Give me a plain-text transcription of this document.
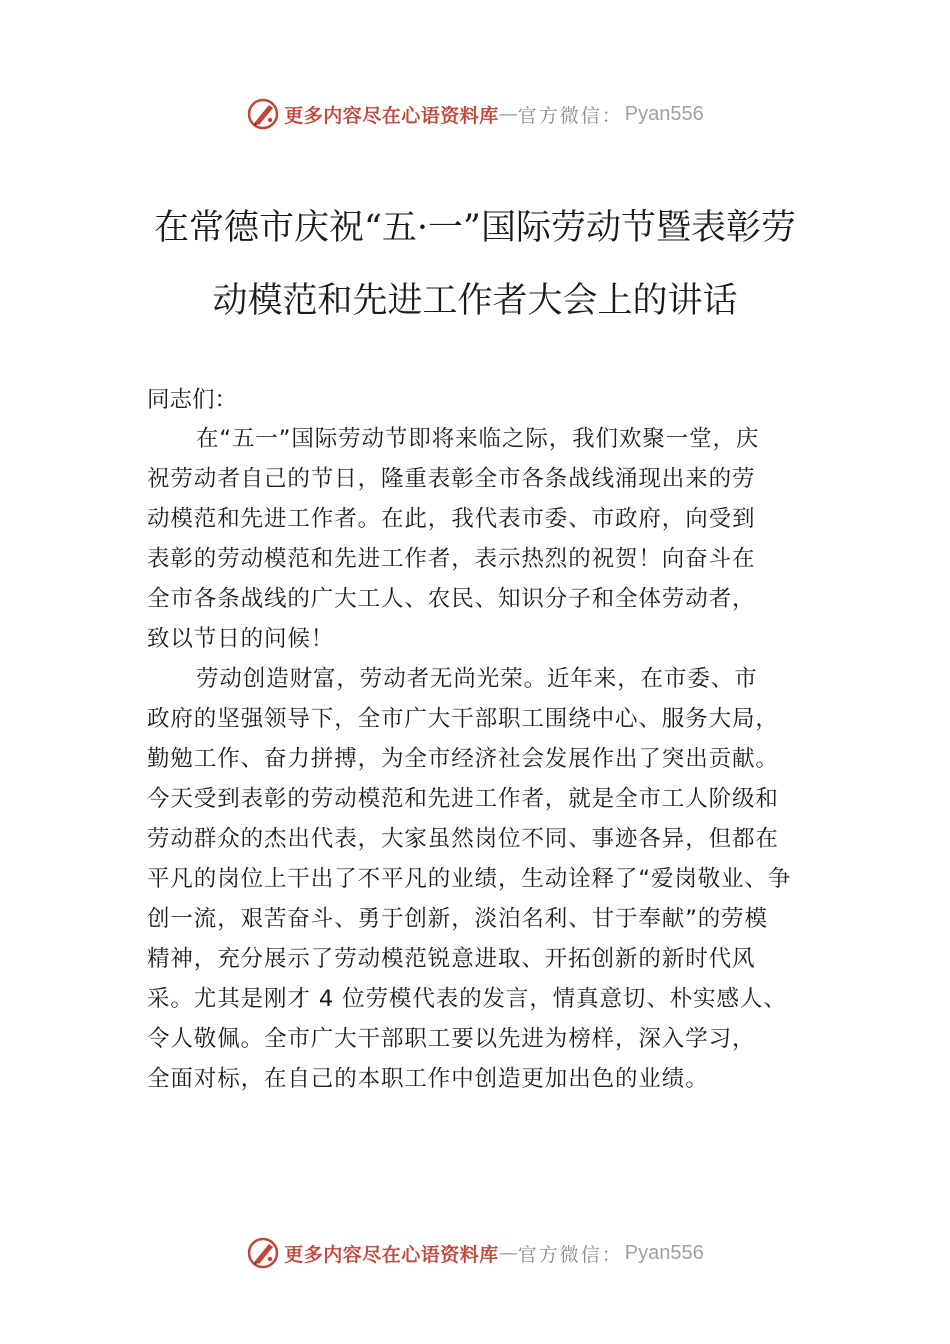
更多内容尽在心语资料库 — 官方微信： Pyan556
在常德市庆祝“五·一”国际劳动节暨表彰劳
动模范和先进工作者大会上的讲话
同志们：
在“五一”国际劳动节即将来临之际，我们欢聚一堂，庆
祝劳动者自己的节日，隆重表彰全市各条战线涌现出来的劳
动模范和先进工作者。在此，我代表市委、市政府，向受到
表彰的劳动模范和先进工作者，表示热烈的祝贺！向奋斗在
全市各条战线的广大工人、农民、知识分子和全体劳动者，
致以节日的问候！
劳动创造财富，劳动者无尚光荣。近年来，在市委、市
政府的坚强领导下，全市广大干部职工围绕中心、服务大局，
勤勉工作、奋力拼搏，为全市经济社会发展作出了突出贡献。
今天受到表彰的劳动模范和先进工作者，就是全市工人阶级和
劳动群众的杰出代表，大家虽然岗位不同、事迹各异，但都在
平凡的岗位上干出了不平凡的业绩，生动诠释了“爱岗敬业、争
创一流，艰苦奋斗、勇于创新，淡泊名利、甘于奉献”的劳模
精神，充分展示了劳动模范锐意进取、开拓创新的新时代风
采。尤其是刚才 4 位劳模代表的发言，情真意切、朴实感人、
令人敬佩。全市广大干部职工要以先进为榜样，深入学习，
全面对标，在自己的本职工作中创造更加出色的业绩。
更多内容尽在心语资料库 — 官方微信： Pyan556
